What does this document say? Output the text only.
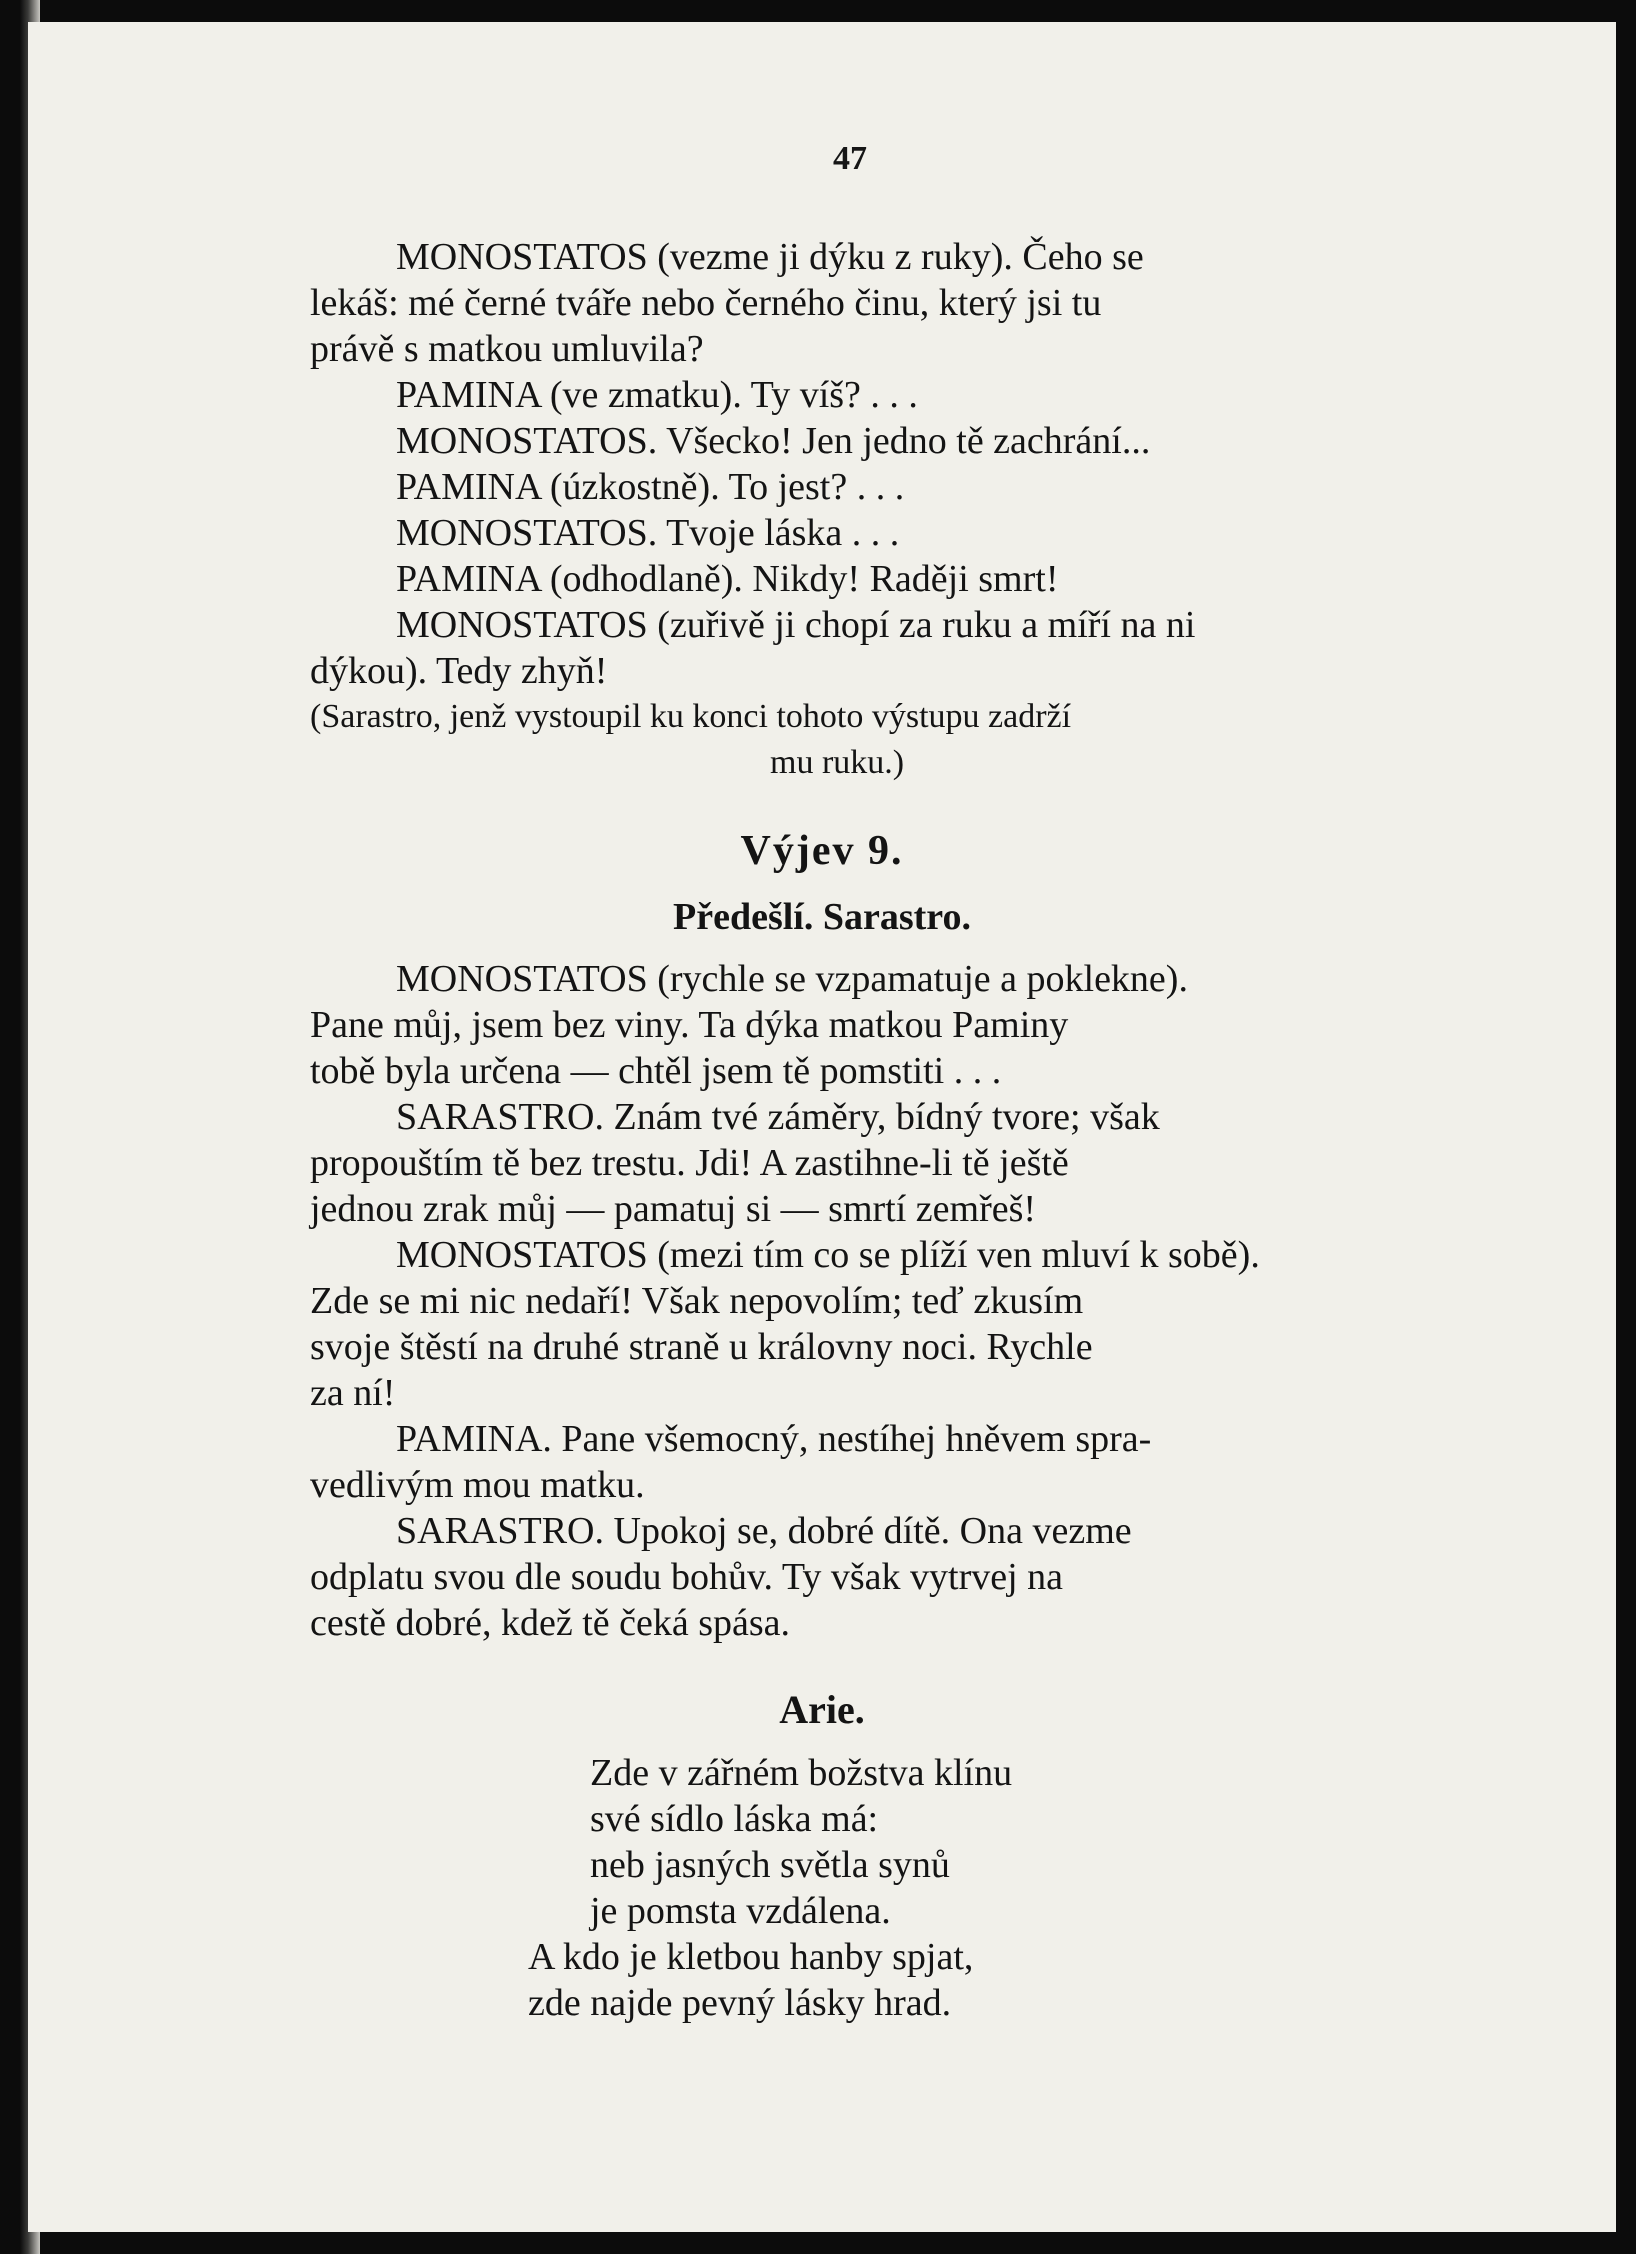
47
MONOSTATOS (vezme ji dýku z ruky). Čeho se
lekáš: mé černé tváře nebo černého činu, který jsi tu
právě s matkou umluvila?
PAMINA (ve zmatku). Ty víš? . . .
MONOSTATOS. Všecko! Jen jedno tě zachrání...
PAMINA (úzkostně). To jest? . . .
MONOSTATOS. Tvoje láska . . .
PAMINA (odhodlaně). Nikdy! Raději smrt!
MONOSTATOS (zuřivě ji chopí za ruku a míří na ni
dýkou). Tedy zhyň!
(Sarastro, jenž vystoupil ku konci tohoto výstupu zadrží
mu ruku.)
Výjev 9.
Předešlí. Sarastro.
MONOSTATOS (rychle se vzpamatuje a poklekne).
Pane můj, jsem bez viny. Ta dýka matkou Paminy
tobě byla určena — chtěl jsem tě pomstiti . . .
SARASTRO. Znám tvé záměry, bídný tvore; však
propouštím tě bez trestu. Jdi! A zastihne-li tě ještě
jednou zrak můj — pamatuj si — smrtí zemřeš!
MONOSTATOS (mezi tím co se plíží ven mluví k sobě).
Zde se mi nic nedaří! Však nepovolím; teď zkusím
svoje štěstí na druhé straně u královny noci. Rychle
za ní!
PAMINA. Pane všemocný, nestíhej hněvem spra-
vedlivým mou matku.
SARASTRO. Upokoj se, dobré dítě. Ona vezme
odplatu svou dle soudu bohův. Ty však vytrvej na
cestě dobré, kdež tě čeká spása.
Arie.
Zde v zářném božstva klínu
své sídlo láska má:
neb jasných světla synů
je pomsta vzdálena.
A kdo je kletbou hanby spjat,
zde najde pevný lásky hrad.
